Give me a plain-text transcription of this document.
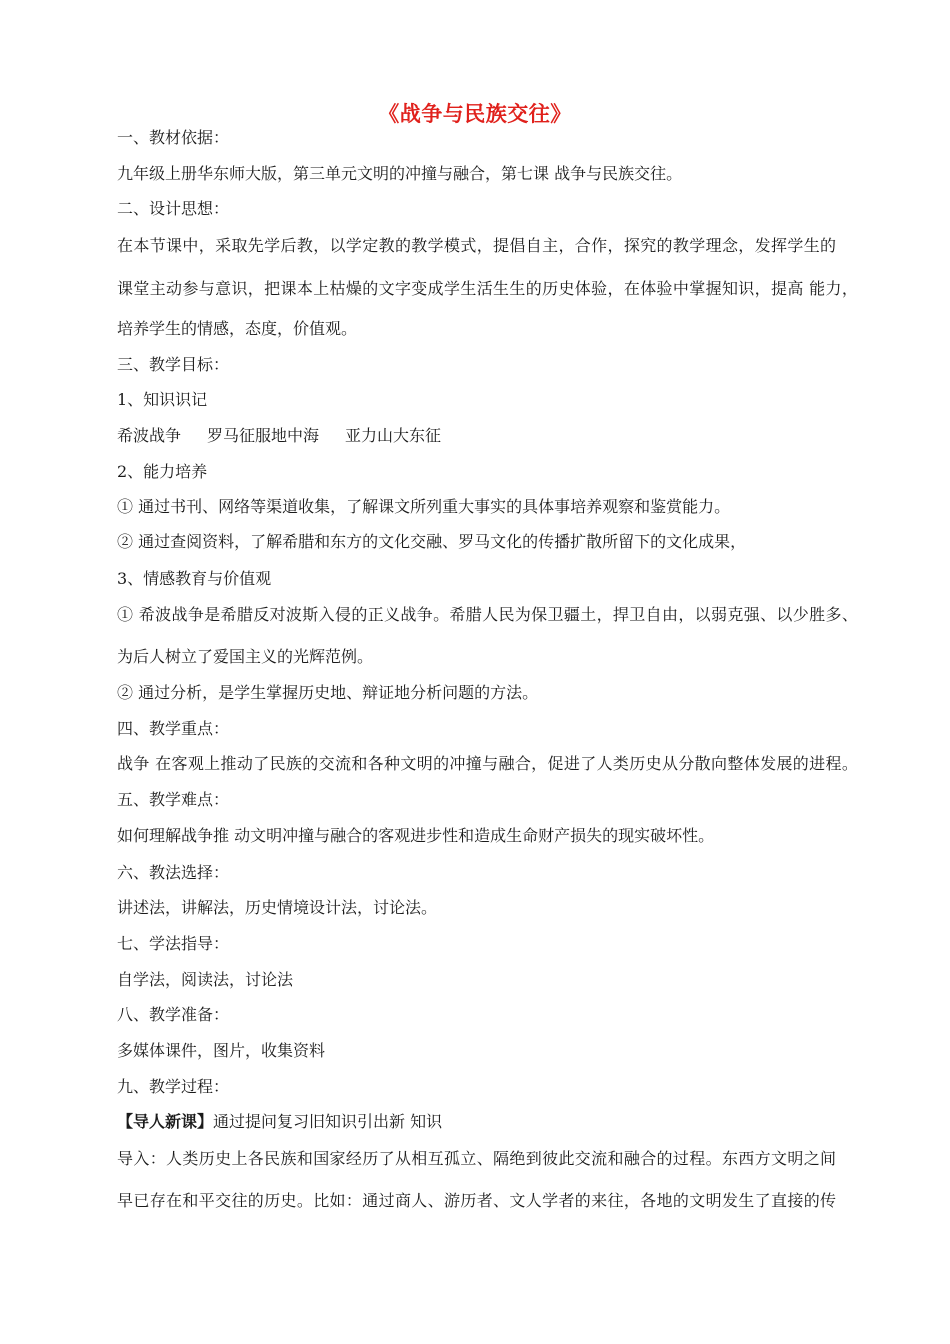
《战争与民族交往》
一、教材依据：
九年级上册华东师大版，第三单元文明的冲撞与融合，第七课 战争与民族交往。
二、设计思想：
在本节课中，采取先学后教，以学定教的教学模式，提倡自主，合作，探究的教学理念，发挥学生的
课堂主动参与意识，把课本上枯燥的文字变成学生活生生的历史体验，在体验中掌握知识，提高 能力，
培养学生的情感，态度，价值观。
三、教学目标：
1、知识识记
希波战争 罗马征服地中海 亚力山大东征
2、能力培养
① 通过书刊、网络等渠道收集，了解课文所列重大事实的具体事培养观察和鉴赏能力。
② 通过查阅资料，了解希腊和东方的文化交融、罗马文化的传播扩散所留下的文化成果，
3、情感教育与价值观
① 希波战争是希腊反对波斯入侵的正义战争。希腊人民为保卫疆土，捍卫自由，以弱克强、以少胜多、
为后人树立了爱国主义的光辉范例。
② 通过分析，是学生掌握历史地、辩证地分析问题的方法。
四、教学重点：
战争 在客观上推动了民族的交流和各种文明的冲撞与融合，促进了人类历史从分散向整体发展的进程。
五、教学难点：
如何理解战争推 动文明冲撞与融合的客观进步性和造成生命财产损失的现实破坏性。
六、教法选择：
讲述法，讲解法，历史情境设计法，讨论法。
七、学法指导：
自学法，阅读法，讨论法
八、教学准备：
多媒体课件，图片，收集资料
九、教学过程：
【导人新课】通过提问复习旧知识引出新 知识
导入：人类历史上各民族和国家经历了从相互孤立、隔绝到彼此交流和融合的过程。东西方文明之间
早已存在和平交往的历史。比如：通过商人、游历者、文人学者的来往，各地的文明发生了直接的传
